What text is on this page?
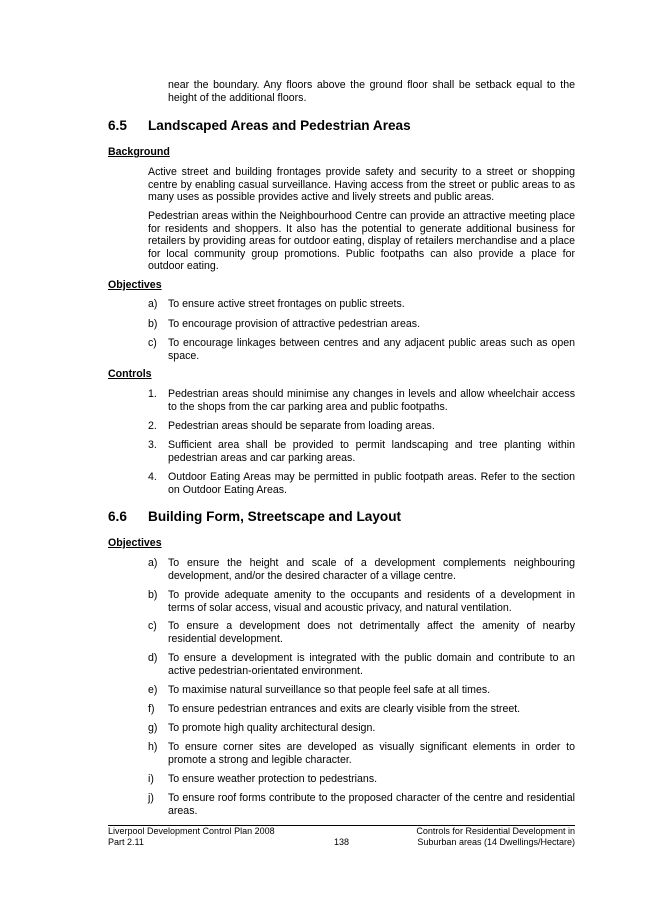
near the boundary. Any floors above the ground floor shall be setback equal to the height of the additional floors.
6.5 Landscaped Areas and Pedestrian Areas
Background
Active street and building frontages provide safety and security to a street or shopping centre by enabling casual surveillance. Having access from the street or public areas to as many uses as possible provides active and lively streets and public areas.
Pedestrian areas within the Neighbourhood Centre can provide an attractive meeting place for residents and shoppers. It also has the potential to generate additional business for retailers by providing areas for outdoor eating, display of retailers merchandise and a place for local community group promotions. Public footpaths can also provide a place for outdoor eating.
Objectives
a) To ensure active street frontages on public streets.
b) To encourage provision of attractive pedestrian areas.
c)	To encourage linkages between centres and any adjacent public areas such as open space.
Controls
1.	Pedestrian areas should minimise any changes in levels and allow wheelchair access to the shops from the car parking area and public footpaths.
2.	Pedestrian areas should be separate from loading areas.
3.	Sufficient area shall be provided to permit landscaping and tree planting within pedestrian areas and car parking areas.
4.	Outdoor Eating Areas may be permitted in public footpath areas. Refer to the section on Outdoor Eating Areas.
6.6 Building Form, Streetscape and Layout
Objectives
a) To ensure the height and scale of a development complements neighbouring development, and/or the desired character of a village centre.
b) To provide adequate amenity to the occupants and residents of a development in terms of solar access, visual and acoustic privacy, and natural ventilation.
c)	To ensure a development does not detrimentally affect the amenity of nearby residential development.
d) To ensure a development is integrated with the public domain and contribute to an active pedestrian-orientated environment.
e) To maximise natural surveillance so that people feel safe at all times.
f)	To ensure pedestrian entrances and exits are clearly visible from the street.
g) To promote high quality architectural design.
h) To ensure corner sites are developed as visually significant elements in order to promote a strong and legible character.
i)	To ensure weather protection to pedestrians.
j)	To ensure roof forms contribute to the proposed character of the centre and residential areas.
Liverpool Development Control Plan 2008
Part 2.11	138
Controls for Residential Development in
Suburban areas (14 Dwellings/Hectare)
